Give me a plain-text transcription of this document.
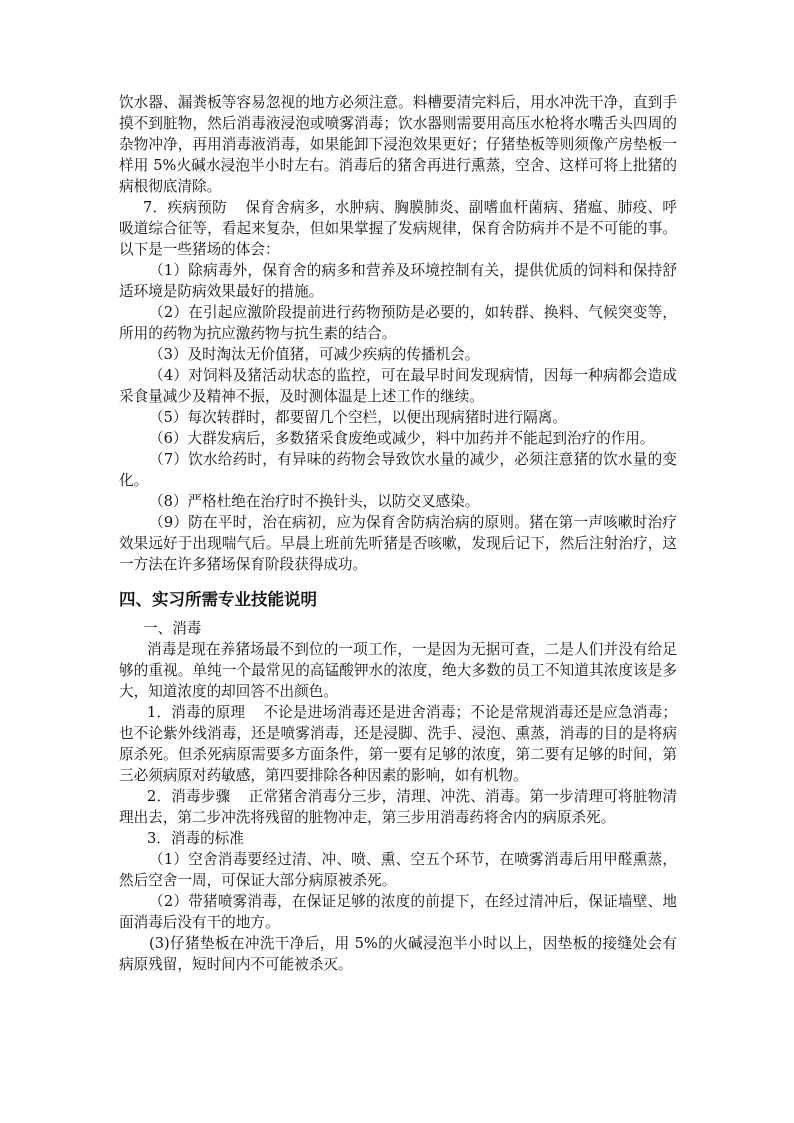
饮水器、漏粪板等容易忽视的地方必须注意。料槽要清完料后，用水冲洗干净，直到手摸不到脏物，然后消毒液浸泡或喷雾消毒；饮水器则需要用高压水枪将水嘴舌头四周的杂物冲净，再用消毒液消毒，如果能卸下浸泡效果更好；仔猪垫板等则须像产房垫板一样用 5%火碱水浸泡半小时左右。消毒后的猪舍再进行熏蒸，空舍、这样可将上批猪的病根彻底清除。

7．疾病预防 保育舍病多，水肿病、胸膜肺炎、副嗜血杆菌病、猪瘟、肺疫、呼吸道综合征等，看起来复杂，但如果掌握了发病规律，保育舍防病并不是不可能的事。以下是一些猪场的体会：

（1）除病毒外，保育舍的病多和营养及环境控制有关，提供优质的饲料和保持舒适环境是防病效果最好的措施。

（2）在引起应激阶段提前进行药物预防是必要的，如转群、换料、气候突变等，所用的药物为抗应激药物与抗生素的结合。

（3）及时淘汰无价值猪，可减少疾病的传播机会。

（4）对饲料及猪活动状态的监控，可在最早时间发现病情，因每一种病都会造成采食量减少及精神不振，及时测体温是上述工作的继续。

（5）每次转群时，都要留几个空栏，以便出现病猪时进行隔离。

（6）大群发病后，多数猪采食废绝或减少，料中加药并不能起到治疗的作用。

（7）饮水给药时，有异味的药物会导致饮水量的减少，必须注意猪的饮水量的变化。

（8）严格杜绝在治疗时不换针头，以防交叉感染。

（9）防在平时，治在病初，应为保育舍防病治病的原则。猪在第一声咳嗽时治疗效果远好于出现喘气后。早晨上班前先听猪是否咳嗽，发现后记下，然后注射治疗，这一方法在许多猪场保育阶段获得成功。

四、实习所需专业技能说明

一、消毒

消毒是现在养猪场最不到位的一项工作，一是因为无据可查，二是人们并没有给足够的重视。单纯一个最常见的高锰酸钾水的浓度，绝大多数的员工不知道其浓度该是多大，知道浓度的却回答不出颜色。

1．消毒的原理 不论是进场消毒还是进舍消毒；不论是常规消毒还是应急消毒；也不论紫外线消毒，还是喷雾消毒，还是浸脚、洗手、浸泡、熏蒸，消毒的目的是将病原杀死。但杀死病原需要多方面条件，第一要有足够的浓度，第二要有足够的时间，第三必须病原对药敏感，第四要排除各种因素的影响，如有机物。

2．消毒步骤 正常猪舍消毒分三步，清理、冲洗、消毒。第一步清理可将脏物清理出去，第二步冲洗将残留的脏物冲走，第三步用消毒药将舍内的病原杀死。

3．消毒的标准

（1）空舍消毒要经过清、冲、喷、熏、空五个环节，在喷雾消毒后用甲醛熏蒸，然后空舍一周，可保证大部分病原被杀死。

（2）带猪喷雾消毒，在保证足够的浓度的前提下，在经过清冲后，保证墙壁、地面消毒后没有干的地方。

(3)仔猪垫板在冲洗干净后，用 5%的火碱浸泡半小时以上，因垫板的接缝处会有病原残留，短时间内不可能被杀灭。
